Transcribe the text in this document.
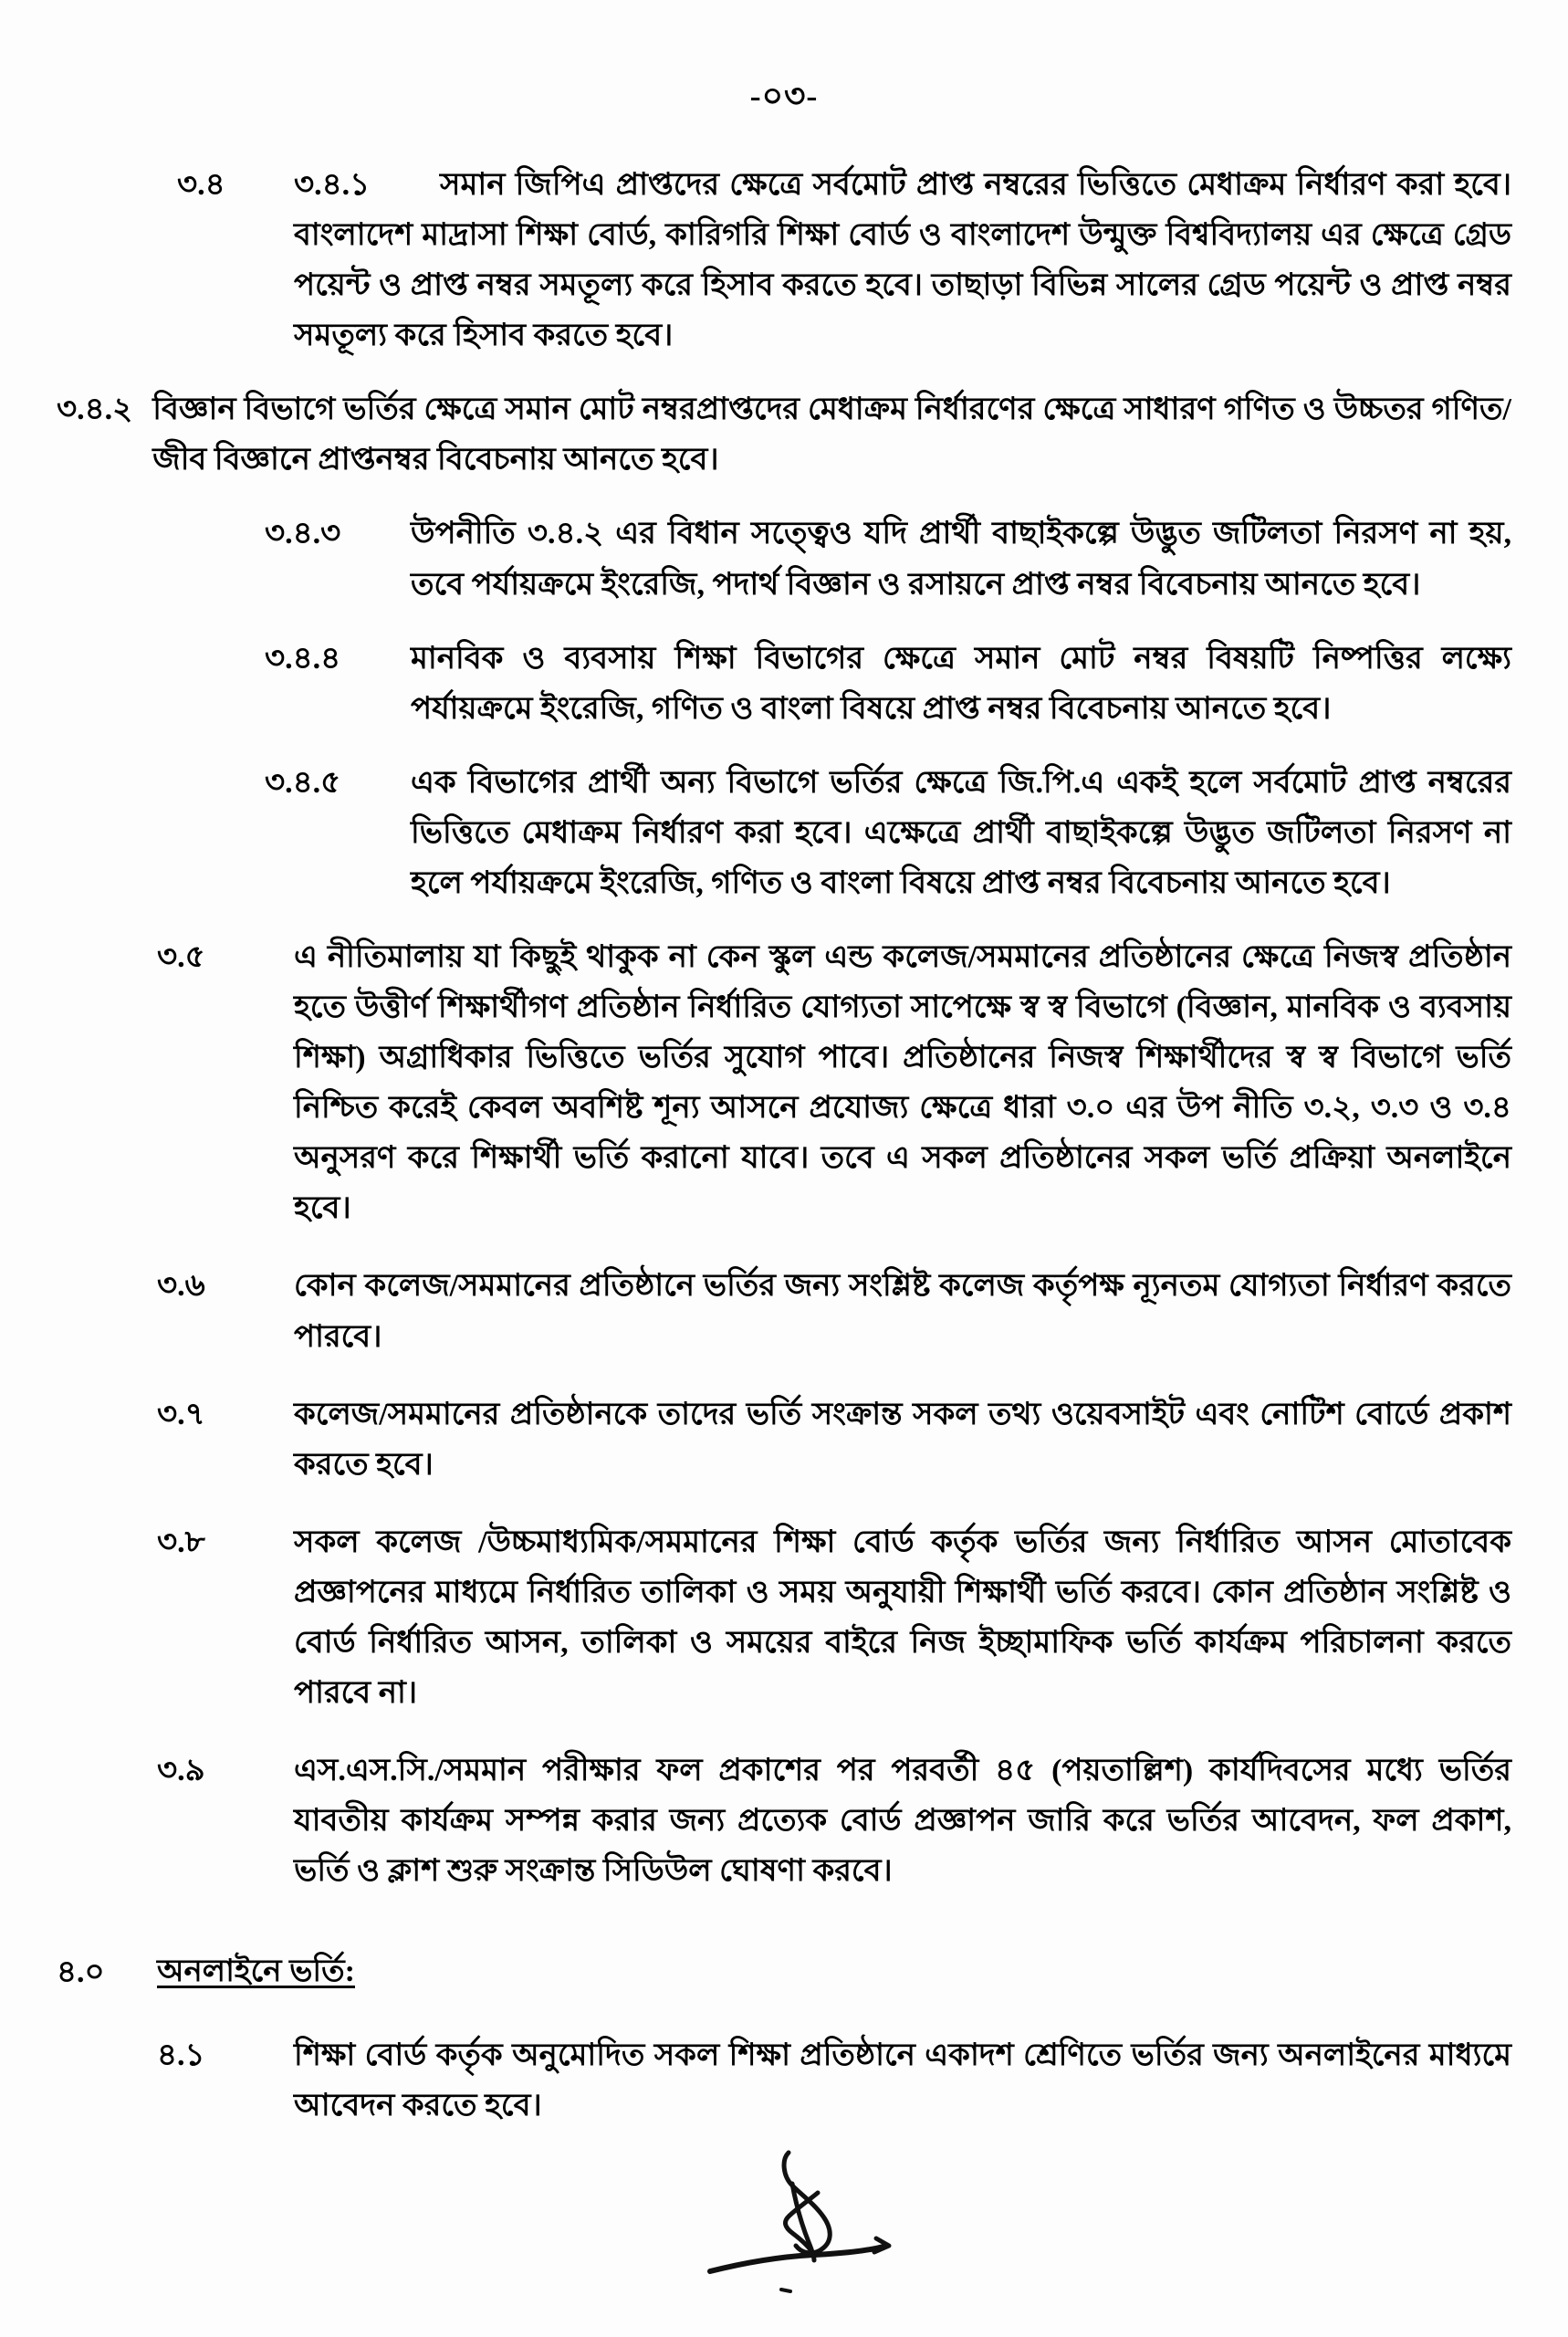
-০৩-
৩.৪	৩.৪.১ সমান জিপিএ প্রাপ্তদের ক্ষেত্রে সর্বমোট প্রাপ্ত নম্বরের ভিত্তিতে মেধাক্রম নির্ধারণ করা হবে। বাংলাদেশ মাদ্রাসা শিক্ষা বোর্ড, কারিগরি শিক্ষা বোর্ড ও বাংলাদেশ উন্মুক্ত বিশ্ববিদ্যালয় এর ক্ষেত্রে গ্রেড পয়েন্ট ও প্রাপ্ত নম্বর সমতূল্য করে হিসাব করতে হবে। তাছাড়া বিভিন্ন সালের গ্রেড পয়েন্ট ও প্রাপ্ত নম্বর সমতূল্য করে হিসাব করতে হবে।
৩.৪.২ বিজ্ঞান বিভাগে ভর্তির ক্ষেত্রে সমান মোট নম্বরপ্রাপ্তদের মেধাক্রম নির্ধারণের ক্ষেত্রে সাধারণ গণিত ও উচ্চতর গণিত/জীব বিজ্ঞানে প্রাপ্তনম্বর বিবেচনায় আনতে হবে।
৩.৪.৩	উপনীতি ৩.৪.২ এর বিধান সত্ত্বেও যদি প্রার্থী বাছাইকল্পে উদ্ভুত জটিলতা নিরসণ না হয়, তবে পর্যায়ক্রমে ইংরেজি, পদার্থ বিজ্ঞান ও রসায়নে প্রাপ্ত নম্বর বিবেচনায় আনতে হবে।
৩.৪.৪	মানবিক ও ব্যবসায় শিক্ষা বিভাগের ক্ষেত্রে সমান মোট নম্বর বিষয়টি নিষ্পত্তির লক্ষ্যে পর্যায়ক্রমে ইংরেজি, গণিত ও বাংলা বিষয়ে প্রাপ্ত নম্বর বিবেচনায় আনতে হবে।
৩.৪.৫	এক বিভাগের প্রার্থী অন্য বিভাগে ভর্তির ক্ষেত্রে জি.পি.এ একই হলে সর্বমোট প্রাপ্ত নম্বরের ভিত্তিতে মেধাক্রম নির্ধারণ করা হবে। এক্ষেত্রে প্রার্থী বাছাইকল্পে উদ্ভুত জটিলতা নিরসণ না হলে পর্যায়ক্রমে ইংরেজি, গণিত ও বাংলা বিষয়ে প্রাপ্ত নম্বর বিবেচনায় আনতে হবে।
৩.৫	এ নীতিমালায় যা কিছুই থাকুক না কেন স্কুল এন্ড কলেজ/সমমানের প্রতিষ্ঠানের ক্ষেত্রে নিজস্ব প্রতিষ্ঠান হতে উত্তীর্ণ শিক্ষার্থীগণ প্রতিষ্ঠান নির্ধারিত যোগ্যতা সাপেক্ষে স্ব স্ব বিভাগে (বিজ্ঞান, মানবিক ও ব্যবসায় শিক্ষা) অগ্রাধিকার ভিত্তিতে ভর্তির সুযোগ পাবে। প্রতিষ্ঠানের নিজস্ব শিক্ষার্থীদের স্ব স্ব বিভাগে ভর্তি নিশ্চিত করেই কেবল অবশিষ্ট শূন্য আসনে প্রযোজ্য ক্ষেত্রে ধারা ৩.০ এর উপ নীতি ৩.২, ৩.৩ ও ৩.৪ অনুসরণ করে শিক্ষার্থী ভর্তি করানো যাবে। তবে এ সকল প্রতিষ্ঠানের সকল ভর্তি প্রক্রিয়া অনলাইনে হবে।
৩.৬	কোন কলেজ/সমমানের প্রতিষ্ঠানে ভর্তির জন্য সংশ্লিষ্ট কলেজ কর্তৃপক্ষ ন্যূনতম যোগ্যতা নির্ধারণ করতে পারবে।
৩.৭	কলেজ/সমমানের প্রতিষ্ঠানকে তাদের ভর্তি সংক্রান্ত সকল তথ্য ওয়েবসাইট এবং নোটিশ বোর্ডে প্রকাশ করতে হবে।
৩.৮	সকল কলেজ /উচ্চমাধ্যমিক/সমমানের শিক্ষা বোর্ড কর্তৃক ভর্তির জন্য নির্ধারিত আসন মোতাবেক প্রজ্ঞাপনের মাধ্যমে নির্ধারিত তালিকা ও সময় অনুযায়ী শিক্ষার্থী ভর্তি করবে। কোন প্রতিষ্ঠান সংশ্লিষ্ট ও বোর্ড নির্ধারিত আসন, তালিকা ও সময়ের বাইরে নিজ ইচ্ছামাফিক ভর্তি কার্যক্রম পরিচালনা করতে পারবে না।
৩.৯	এস.এস.সি./সমমান পরীক্ষার ফল প্রকাশের পর পরবর্তী ৪৫ (পয়তাল্লিশ) কার্যদিবসের মধ্যে ভর্তির যাবতীয় কার্যক্রম সম্পন্ন করার জন্য প্রত্যেক বোর্ড প্রজ্ঞাপন জারি করে ভর্তির আবেদন, ফল প্রকাশ, ভর্তি ও ক্লাশ শুরু সংক্রান্ত সিডিউল ঘোষণা করবে।
৪.০	অনলাইনে ভর্তি:
৪.১	শিক্ষা বোর্ড কর্তৃক অনুমোদিত সকল শিক্ষা প্রতিষ্ঠানে একাদশ শ্রেণিতে ভর্তির জন্য অনলাইনের মাধ্যমে আবেদন করতে হবে।
